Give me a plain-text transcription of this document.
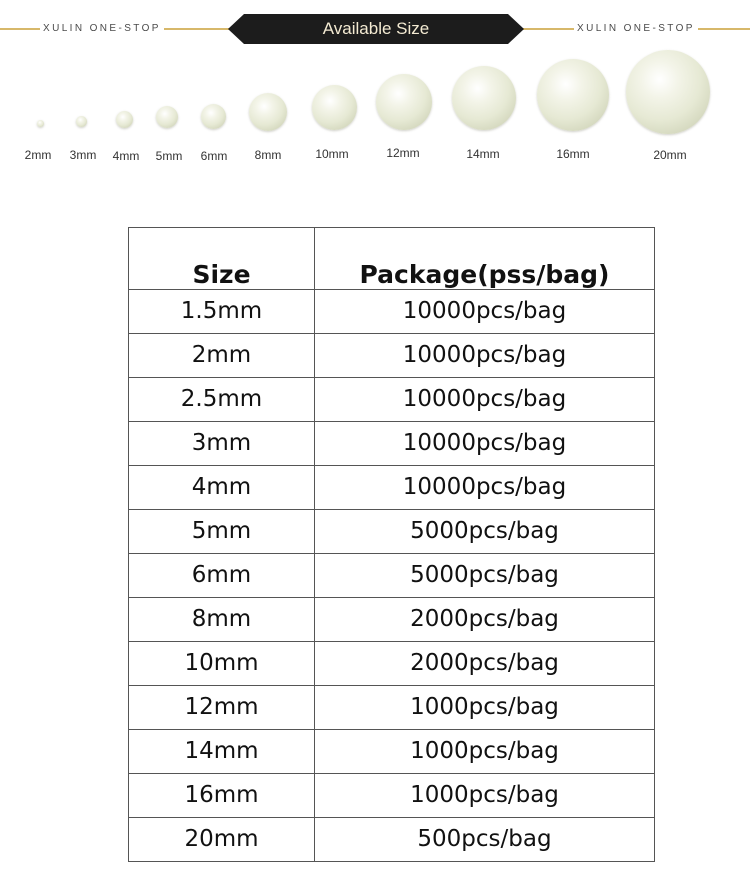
XULIN ONE-STOP	XULIN ONE-STOP
Available Size
2mm	3mm	4mm	5mm	6mm	8mm	10mm	12mm	14mm	16mm	20mm
Size	Package(pss/bag)
1.5mm	10000pcs/bag
2mm	10000pcs/bag
2.5mm	10000pcs/bag
3mm	10000pcs/bag
4mm	10000pcs/bag
5mm	5000pcs/bag
6mm	5000pcs/bag
8mm	2000pcs/bag
10mm	2000pcs/bag
12mm	1000pcs/bag
14mm	1000pcs/bag
16mm	1000pcs/bag
20mm	500pcs/bag
